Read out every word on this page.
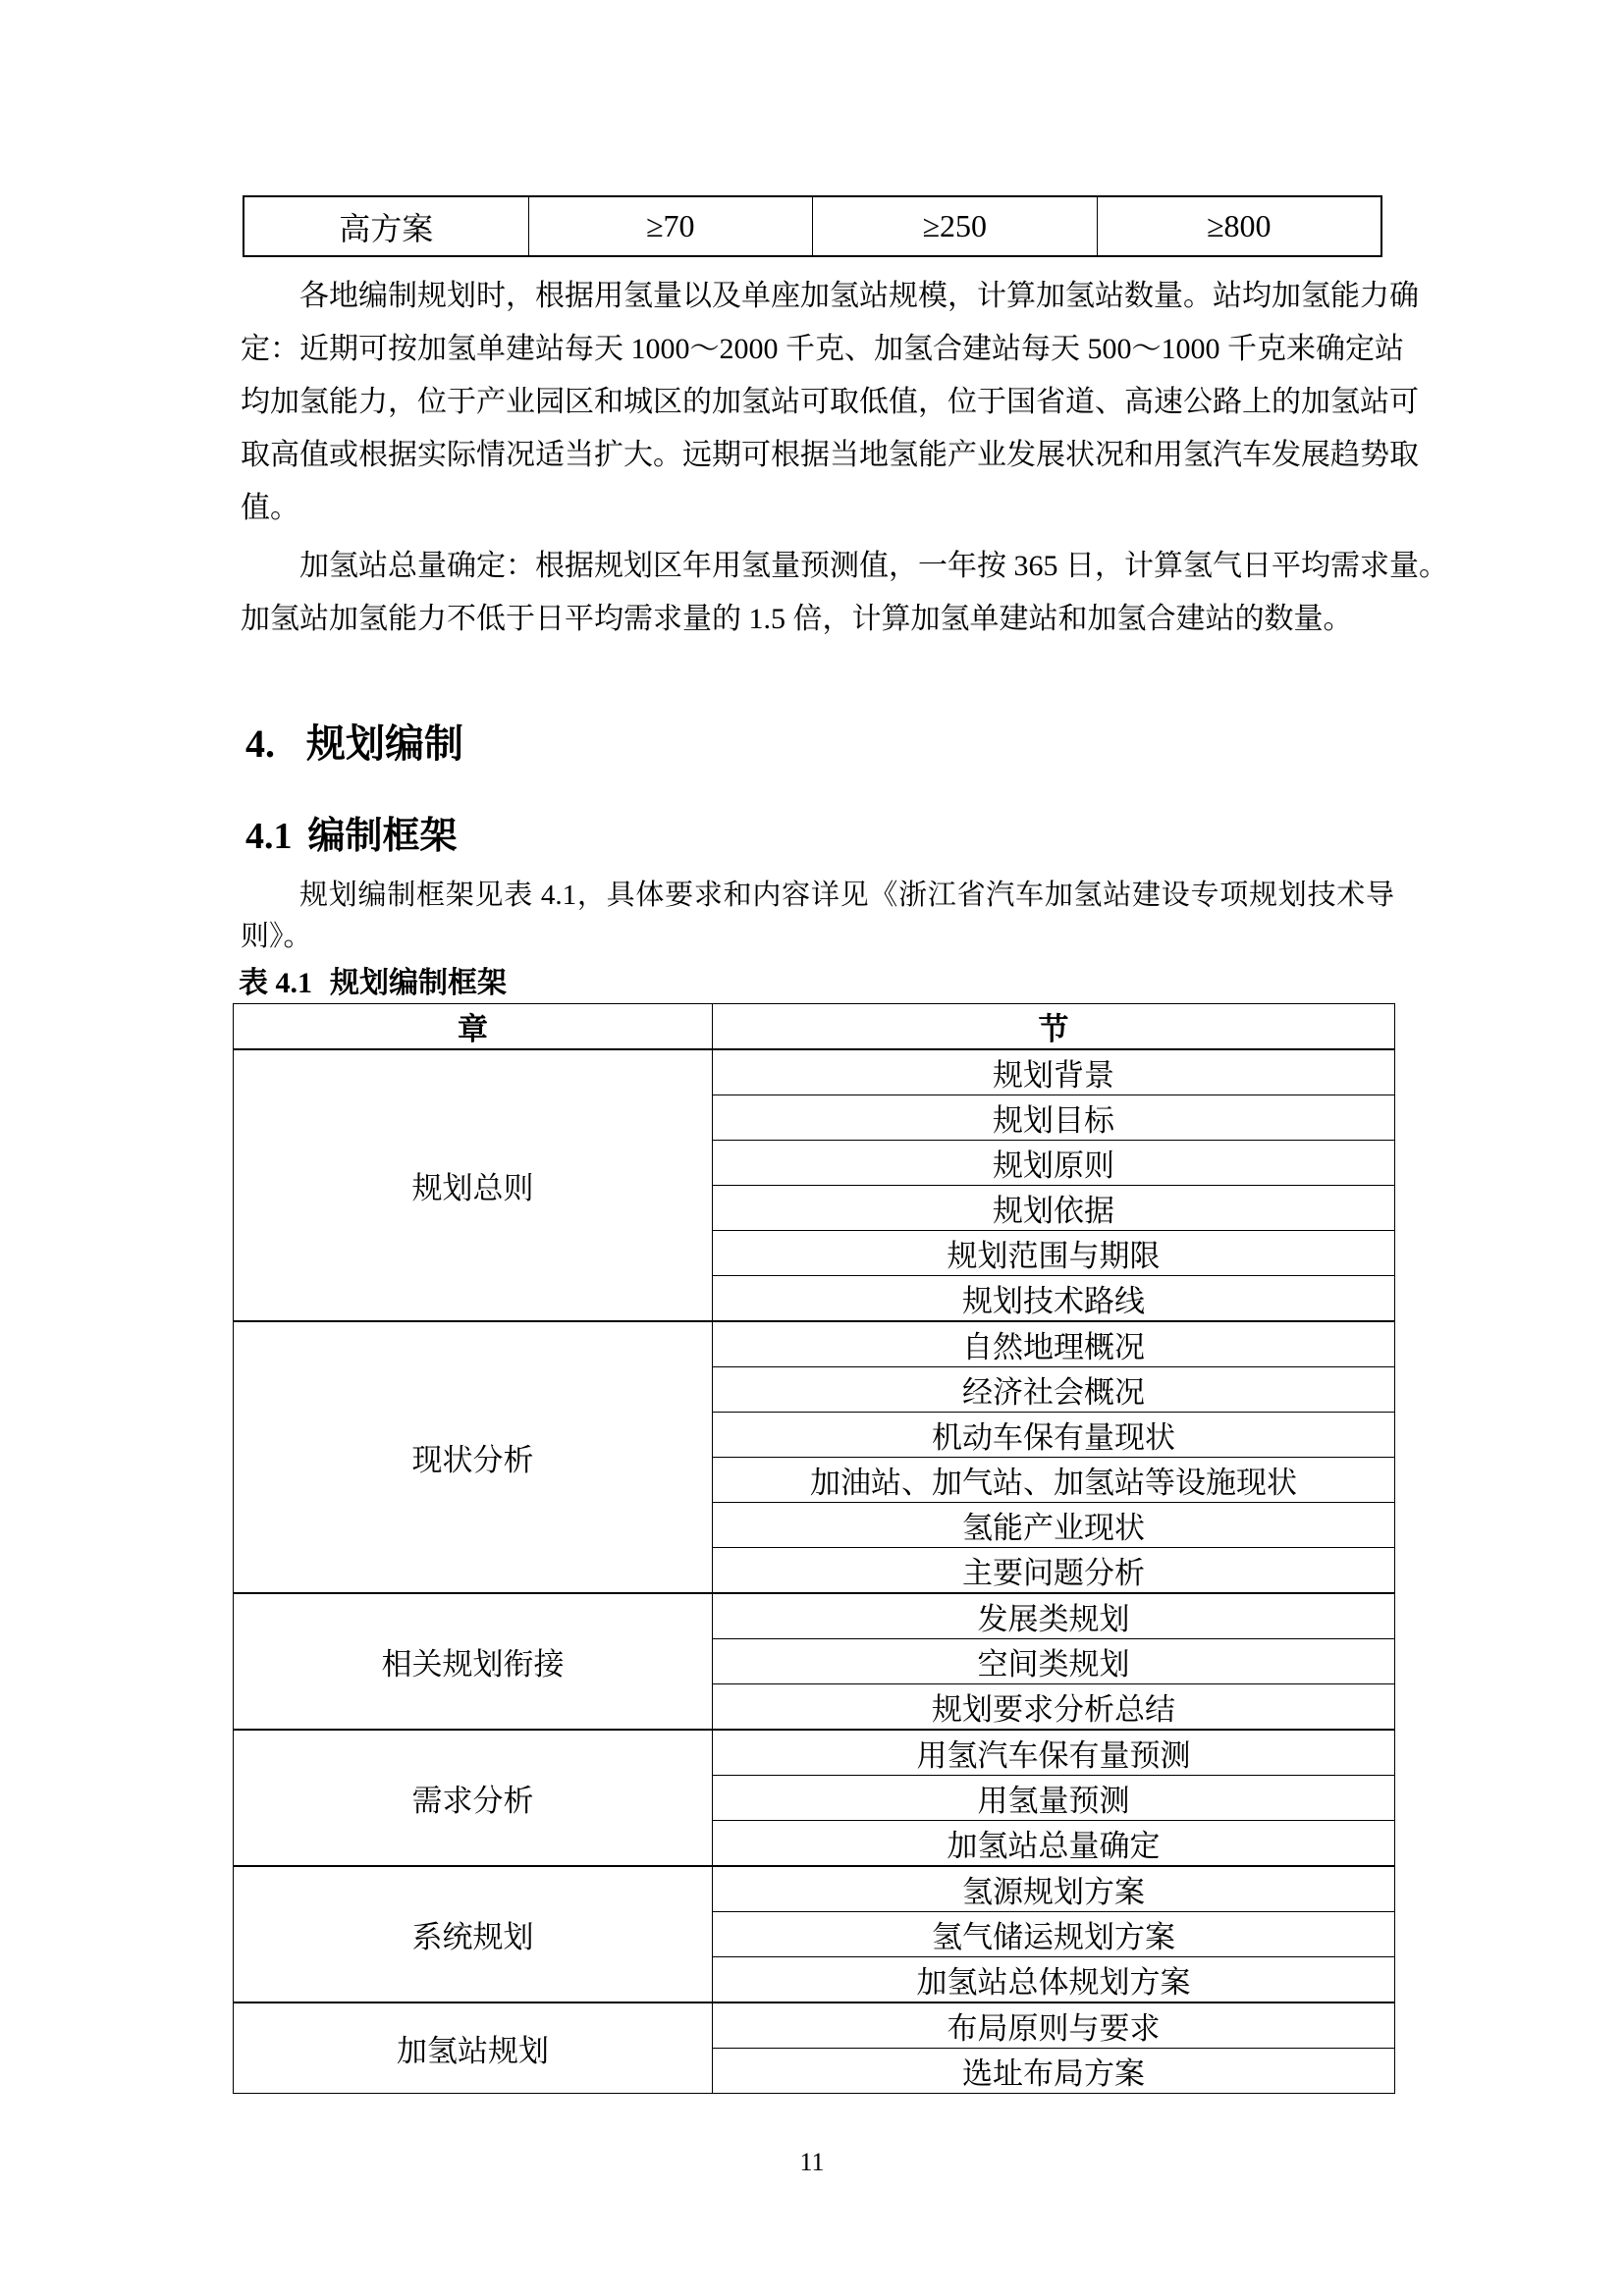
高方案	≥70	≥250	≥800
各地编制规划时，根据用氢量以及单座加氢站规模，计算加氢站数量。站均加氢能力确
定：近期可按加氢单建站每天 1000～2000 千克、加氢合建站每天 500～1000 千克来确定站
均加氢能力，位于产业园区和城区的加氢站可取低值，位于国省道、高速公路上的加氢站可
取高值或根据实际情况适当扩大。远期可根据当地氢能产业发展状况和用氢汽车发展趋势取
值。
加氢站总量确定：根据规划区年用氢量预测值，一年按 365 日，计算氢气日平均需求量。
加氢站加氢能力不低于日平均需求量的 1.5 倍，计算加氢单建站和加氢合建站的数量。
4. 规划编制
4.1 编制框架
规划编制框架见表 4.1，具体要求和内容详见《浙江省汽车加氢站建设专项规划技术导
则》。
表 4.1 规划编制框架
章	节
规划总则	规划背景
	规划目标
	规划原则
	规划依据
	规划范围与期限
	规划技术路线
现状分析	自然地理概况
	经济社会概况
	机动车保有量现状
	加油站、加气站、加氢站等设施现状
	氢能产业现状
	主要问题分析
相关规划衔接	发展类规划
	空间类规划
	规划要求分析总结
需求分析	用氢汽车保有量预测
	用氢量预测
	加氢站总量确定
系统规划	氢源规划方案
	氢气储运规划方案
	加氢站总体规划方案
加氢站规划	布局原则与要求
	选址布局方案
11
